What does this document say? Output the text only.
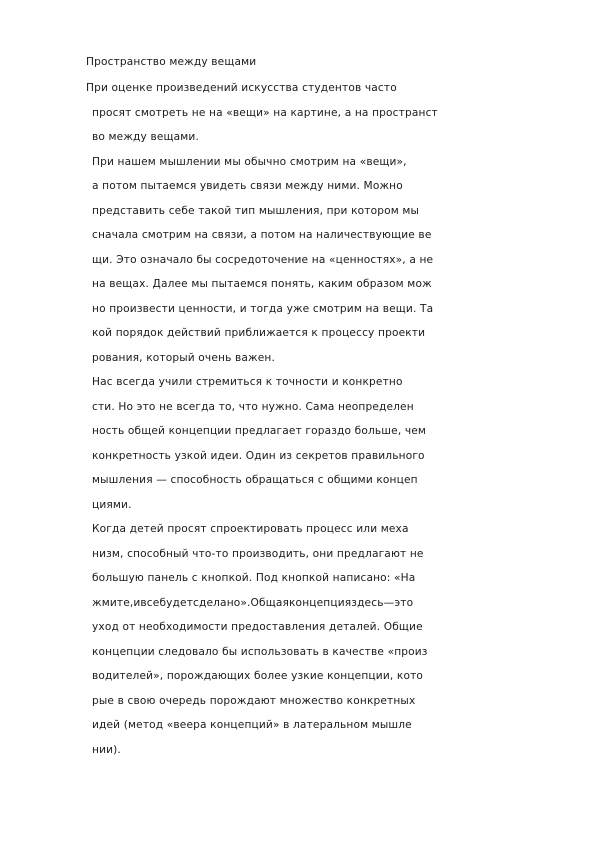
Пространство между вещами
При оценке произведений искусства студентов часто
просят смотреть не на «вещи» на картине, а на пространст
во между вещами.
При нашем мышлении мы обычно смотрим на «вещи»,
а потом пытаемся увидеть связи между ними. Можно
представить себе такой тип мышления, при котором мы
сначала смотрим на связи, а потом на наличествующие ве
щи. Это означало бы сосредоточение на «ценностях», а не
на вещах. Далее мы пытаемся понять, каким образом мож
но произвести ценности, и тогда уже смотрим на вещи. Та
кой порядок действий приближается к процессу проекти
рования, который очень важен.
Нас всегда учили стремиться к точности и конкретно
сти. Но это не всегда то, что нужно. Сама неопределен
ность общей концепции предлагает гораздо больше, чем
конкретность узкой идеи. Один из секретов правильного
мышления — способность обращаться с общими концеп
циями.
Когда детей просят спроектировать процесс или меха
низм, способный что-то производить, они предлагают не
большую панель с кнопкой. Под кнопкой написано: «На
жмите,ивсебудетсделано».Общаяконцепцияздесь—это
уход от необходимости предоставления деталей. Общие
концепции следовало бы использовать в качестве «произ
водителей», порождающих более узкие концепции, кото
рые в свою очередь порождают множество конкретных
идей (метод «веера концепций» в латеральном мышле
нии).
